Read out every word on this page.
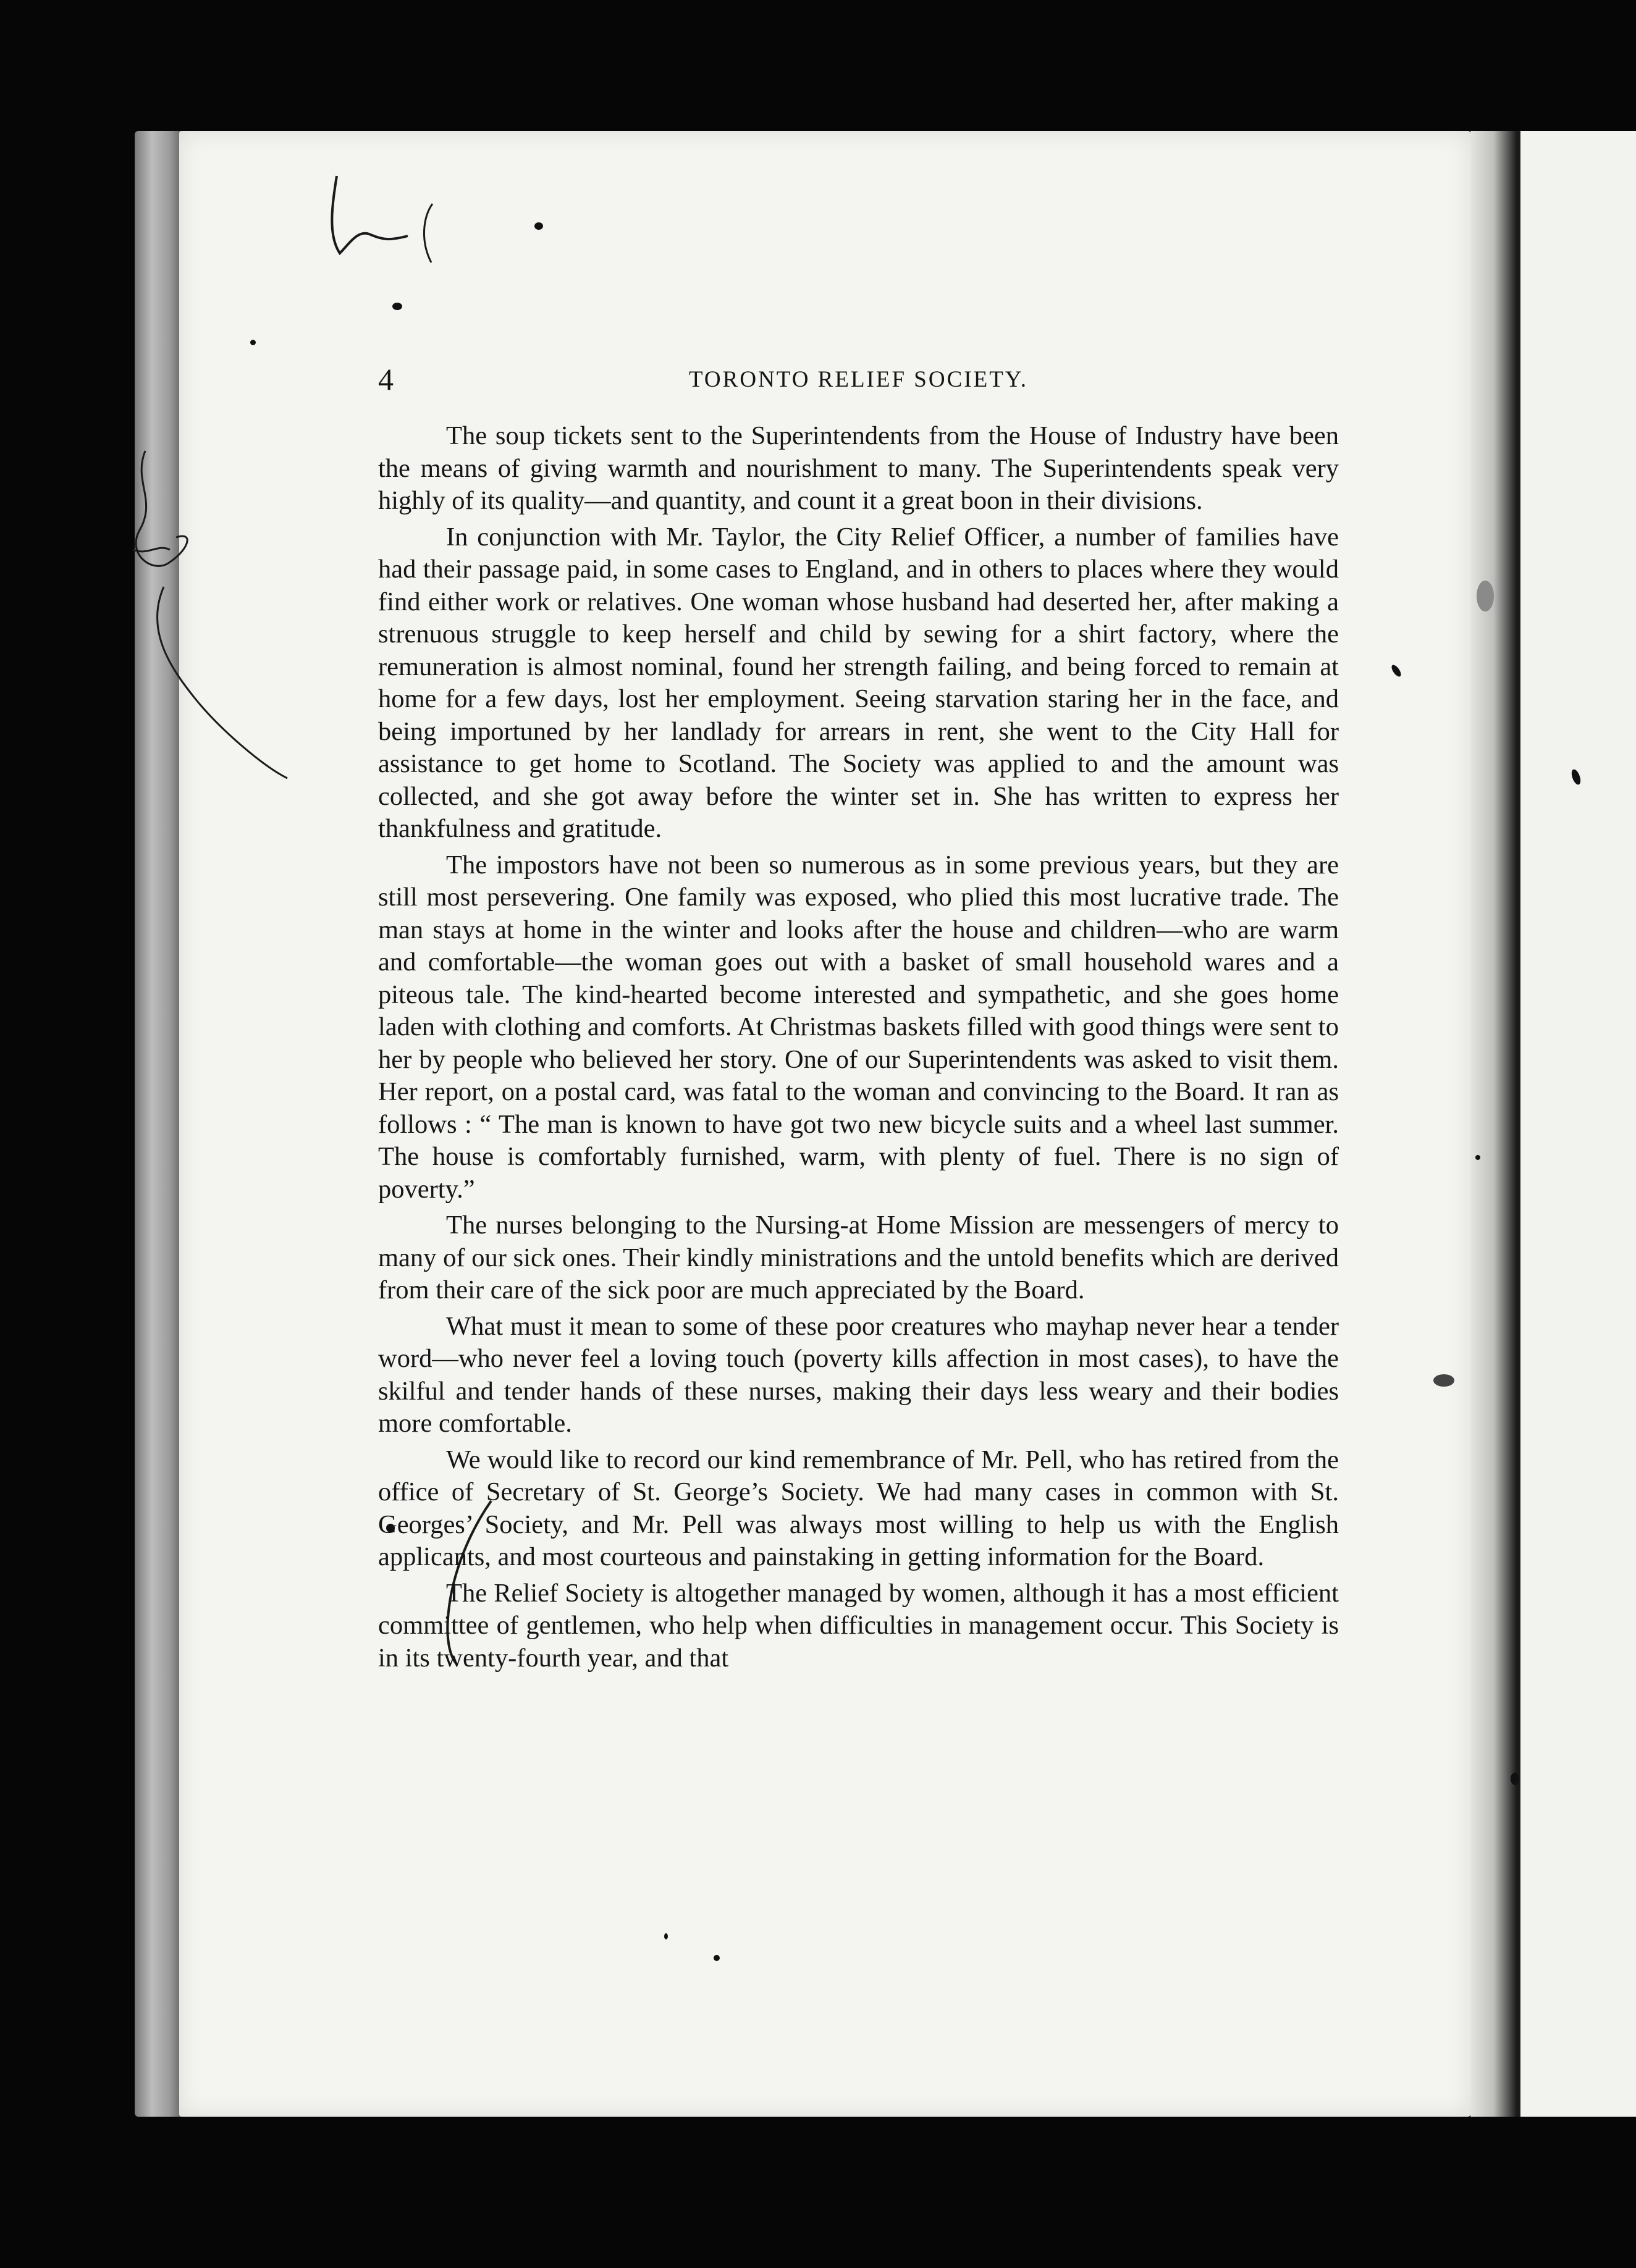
4	TORONTO RELIEF SOCIETY.

The soup tickets sent to the Superintendents from the House of Industry have been the means of giving warmth and nourishment to many. The Superintendents speak very highly of its quality—and quantity, and count it a great boon in their divisions.

In conjunction with Mr. Taylor, the City Relief Officer, a number of families have had their passage paid, in some cases to England, and in others to places where they would find either work or relatives. One woman whose husband had deserted her, after making a strenuous struggle to keep herself and child by sewing for a shirt factory, where the remuneration is almost nominal, found her strength failing, and being forced to remain at home for a few days, lost her employment. Seeing starvation staring her in the face, and being importuned by her landlady for arrears in rent, she went to the City Hall for assistance to get home to Scotland. The Society was applied to and the amount was collected, and she got away before the winter set in. She has written to express her thankfulness and gratitude.

The impostors have not been so numerous as in some previous years, but they are still most persevering. One family was exposed, who plied this most lucrative trade. The man stays at home in the winter and looks after the house and children—who are warm and comfortable—the woman goes out with a basket of small household wares and a piteous tale. The kind-hearted become interested and sympathetic, and she goes home laden with clothing and comforts. At Christmas baskets filled with good things were sent to her by people who believed her story. One of our Superintendents was asked to visit them. Her report, on a postal card, was fatal to the woman and convincing to the Board. It ran as follows : “ The man is known to have got two new bicycle suits and a wheel last summer. The house is comfortably furnished, warm, with plenty of fuel. There is no sign of poverty.”

The nurses belonging to the Nursing-at Home Mission are messengers of mercy to many of our sick ones. Their kindly ministrations and the untold benefits which are derived from their care of the sick poor are much appreciated by the Board.

What must it mean to some of these poor creatures who mayhap never hear a tender word—who never feel a loving touch (poverty kills affection in most cases), to have the skilful and tender hands of these nurses, making their days less weary and their bodies more comfortable.

We would like to record our kind remembrance of Mr. Pell, who has retired from the office of Secretary of St. George’s Society. We had many cases in common with St. Georges’ Society, and Mr. Pell was always most willing to help us with the English applicants, and most courteous and painstaking in getting information for the Board.

The Relief Society is altogether managed by women, although it has a most efficient committee of gentlemen, who help when difficulties in management occur. This Society is in its twenty-fourth year, and that
